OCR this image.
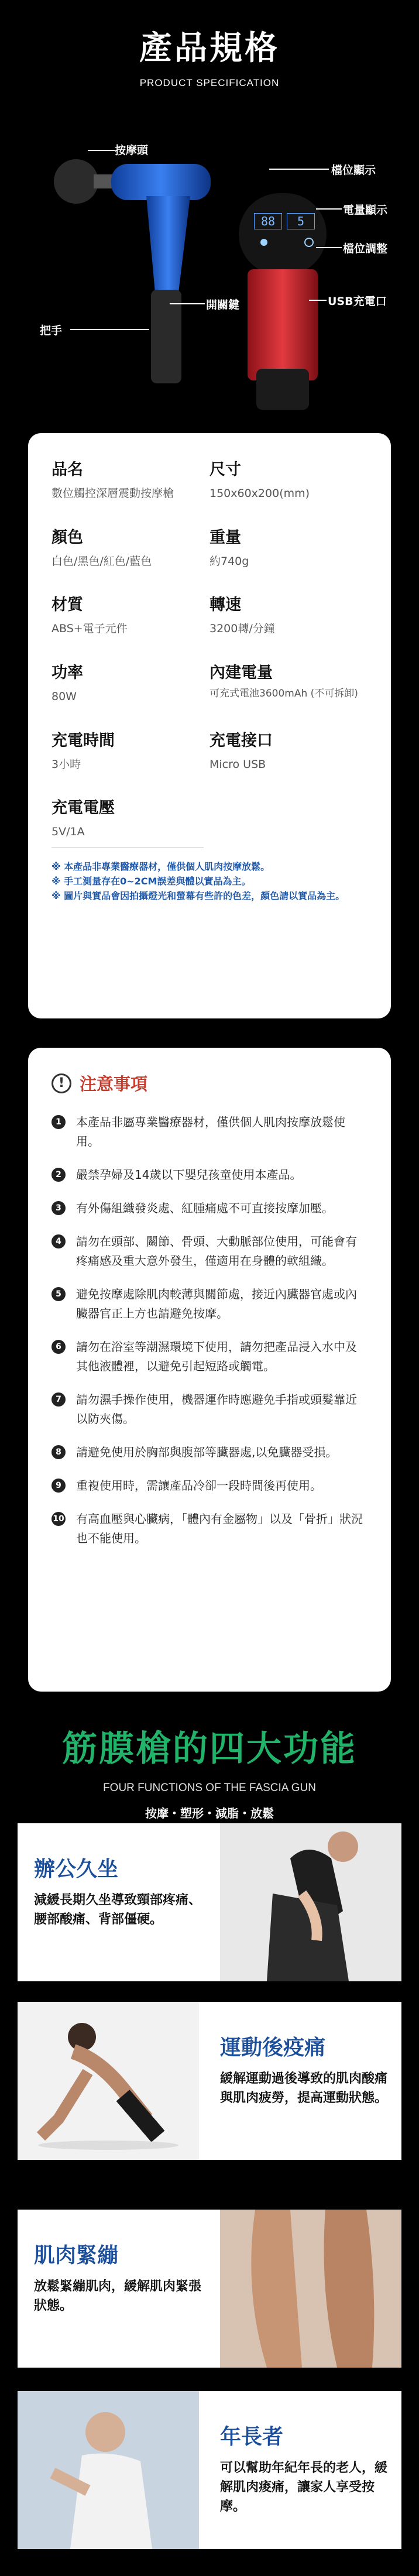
產品規格
PRODUCT SPECIFICATION
88	5
按摩頭
把手
開關鍵
檔位顯示
電量顯示
檔位調整
USB充電口
品名
數位觸控深層震動按摩槍
尺寸
150x60x200(mm)
顏色
白色/黑色/紅色/藍色
重量
約740g
材質
ABS+電子元件
轉速
3200轉/分鐘
功率
80W
內建電量
可充式電池3600mAh (不可拆卸)
充電時間
3小時
充電接口
Micro USB
充電電壓
5V/1A
※ 本產品非專業醫療器材，僅供個人肌肉按摩放鬆。
※ 手工測量存在0~2CM誤差與體以實品為主。
※ 圖片與實品會因拍攝燈光和螢幕有些許的色差，顏色請以實品為主。
! 注意事項
1	本產品非屬專業醫療器材，僅供個人肌肉按摩放鬆使用。
2	嚴禁孕婦及14歲以下嬰兒孩童使用本產品。
3	有外傷組織發炎處、紅腫痛處不可直接按摩加壓。
4	請勿在頭部、關節、骨頭、大動脈部位使用，可能會有疼痛感及重大意外發生，僅適用在身體的軟組織。
5	避免按摩處除肌肉較薄與關節處，接近內臟器官處或內臟器官正上方也請避免按摩。
6	請勿在浴室等潮濕環境下使用，請勿把產品浸入水中及其他液體裡，以避免引起短路或觸電。
7	請勿濕手操作使用，機器運作時應避免手指或頭髮靠近以防夾傷。
8	請避免使用於胸部與腹部等臟器處,以免臟器受損。
9	重複使用時，需讓產品冷卻一段時間後再使用。
10 有高血壓與心臟病，「體內有金屬物」以及「骨折」狀況也不能使用。
筋膜槍的四大功能
FOUR FUNCTIONS OF THE FASCIA GUN
按摩・塑形・減脂・放鬆
辦公久坐

減緩長期久坐導致頸部疼痛、腰部酸痛、背部僵硬。

運動後疫痛

緩解運動過後導致的肌肉酸痛與肌肉疲勞，提高運動狀態。

肌肉緊繃

放鬆緊繃肌肉，緩解肌肉緊張狀態。

年長者

可以幫助年紀年長的老人，緩解肌肉痠痛，讓家人享受按摩。
